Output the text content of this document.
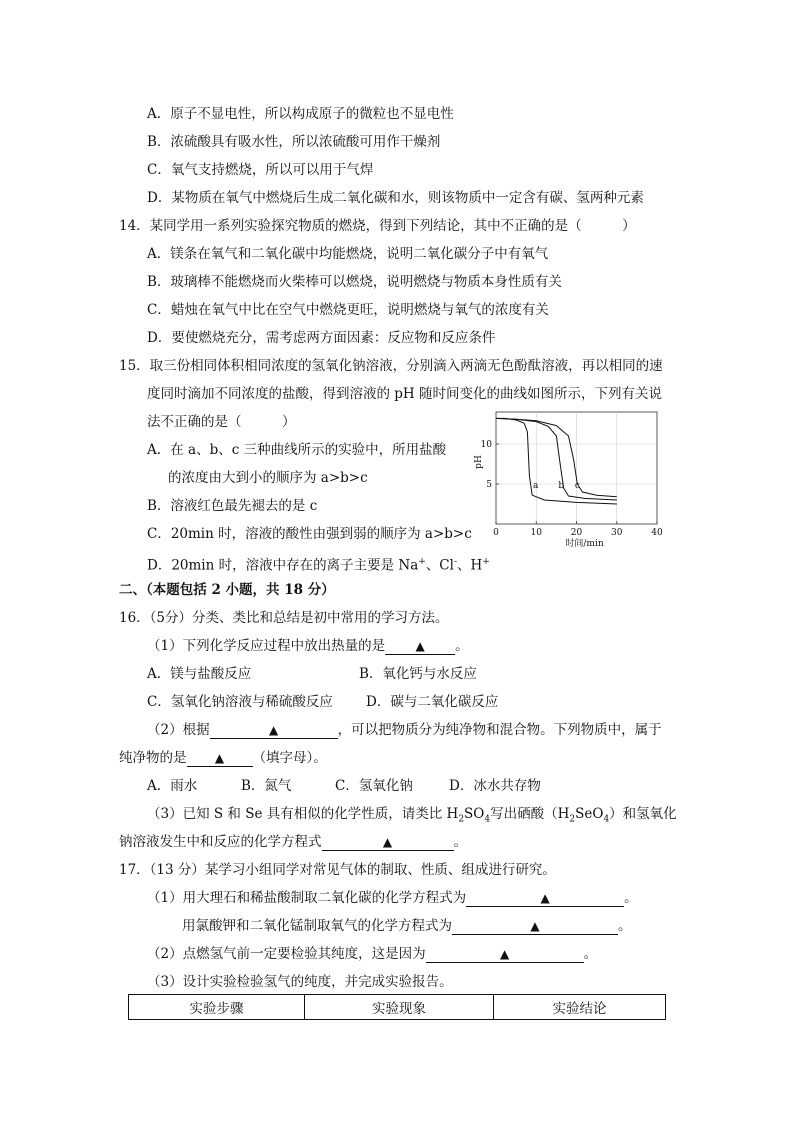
A．原子不显电性，所以构成原子的微粒也不显电性
B．浓硫酸具有吸水性，所以浓硫酸可用作干燥剂
C．氧气支持燃烧，所以可以用于气焊
D．某物质在氧气中燃烧后生成二氧化碳和水，则该物质中一定含有碳、氢两种元素
14．某同学用一系列实验探究物质的燃烧，得到下列结论，其中不正确的是（　　　）
A．镁条在氧气和二氧化碳中均能燃烧，说明二氧化碳分子中有氧气
B．玻璃棒不能燃烧而火柴棒可以燃烧，说明燃烧与物质本身性质有关
C．蜡烛在氧气中比在空气中燃烧更旺，说明燃烧与氧气的浓度有关
D．要使燃烧充分，需考虑两方面因素：反应物和反应条件
15．取三份相同体积相同浓度的氢氧化钠溶液，分别滴入两滴无色酚酞溶液，再以相同的速
度同时滴加不同浓度的盐酸，得到溶液的 pH 随时间变化的曲线如图所示，下列有关说
法不正确的是（　　　）
A．在 a、b、c 三种曲线所示的实验中，所用盐酸
的浓度由大到小的顺序为 a>b>c
B．溶液红色最先褪去的是 c
C．20min 时，溶液的酸性由强到弱的顺序为 a>b>c
D．20min 时，溶液中存在的离子主要是 Na+、Cl-、H+
0	10	20	30	40
5
10
时间/min
pH
a b c
二、（本题包括 2 小题，共 18 分）
16．（5分）分类、类比和总结是初中常用的学习方法。
（1）下列化学反应过程中放出热量的是	▲ 。
A．镁与盐酸反应	B．氧化钙与水反应
C．氢氧化钠溶液与稀硫酸反应 D．碳与二氧化碳反应
（2）根据	▲	，可以把物质分为纯净物和混合物。下列物质中，属于
纯净物的是 ▲ （填字母）。
A．雨水	B．氮气	C．氢氧化钠	D．冰水共存物
（3）已知 S 和 Se 具有相似的化学性质，请类比 $H_2SO_4$写出硒酸$(H_2SeO_4)$和氢氧化
钠溶液发生中和反应的化学方程式	▲	。
17．（13 分）某学习小组同学对常见气体的制取、性质、组成进行研究。
（1）用大理石和稀盐酸制取二氧化碳的化学方程式为	▲	。
用氯酸钾和二氧化锰制取氧气的化学方程式为	▲	。
（2）点燃氢气前一定要检验其纯度，这是因为	▲	。
（3）设计实验检验氢气的纯度，并完成实验报告。
实验步骤	实验现象	实验结论
